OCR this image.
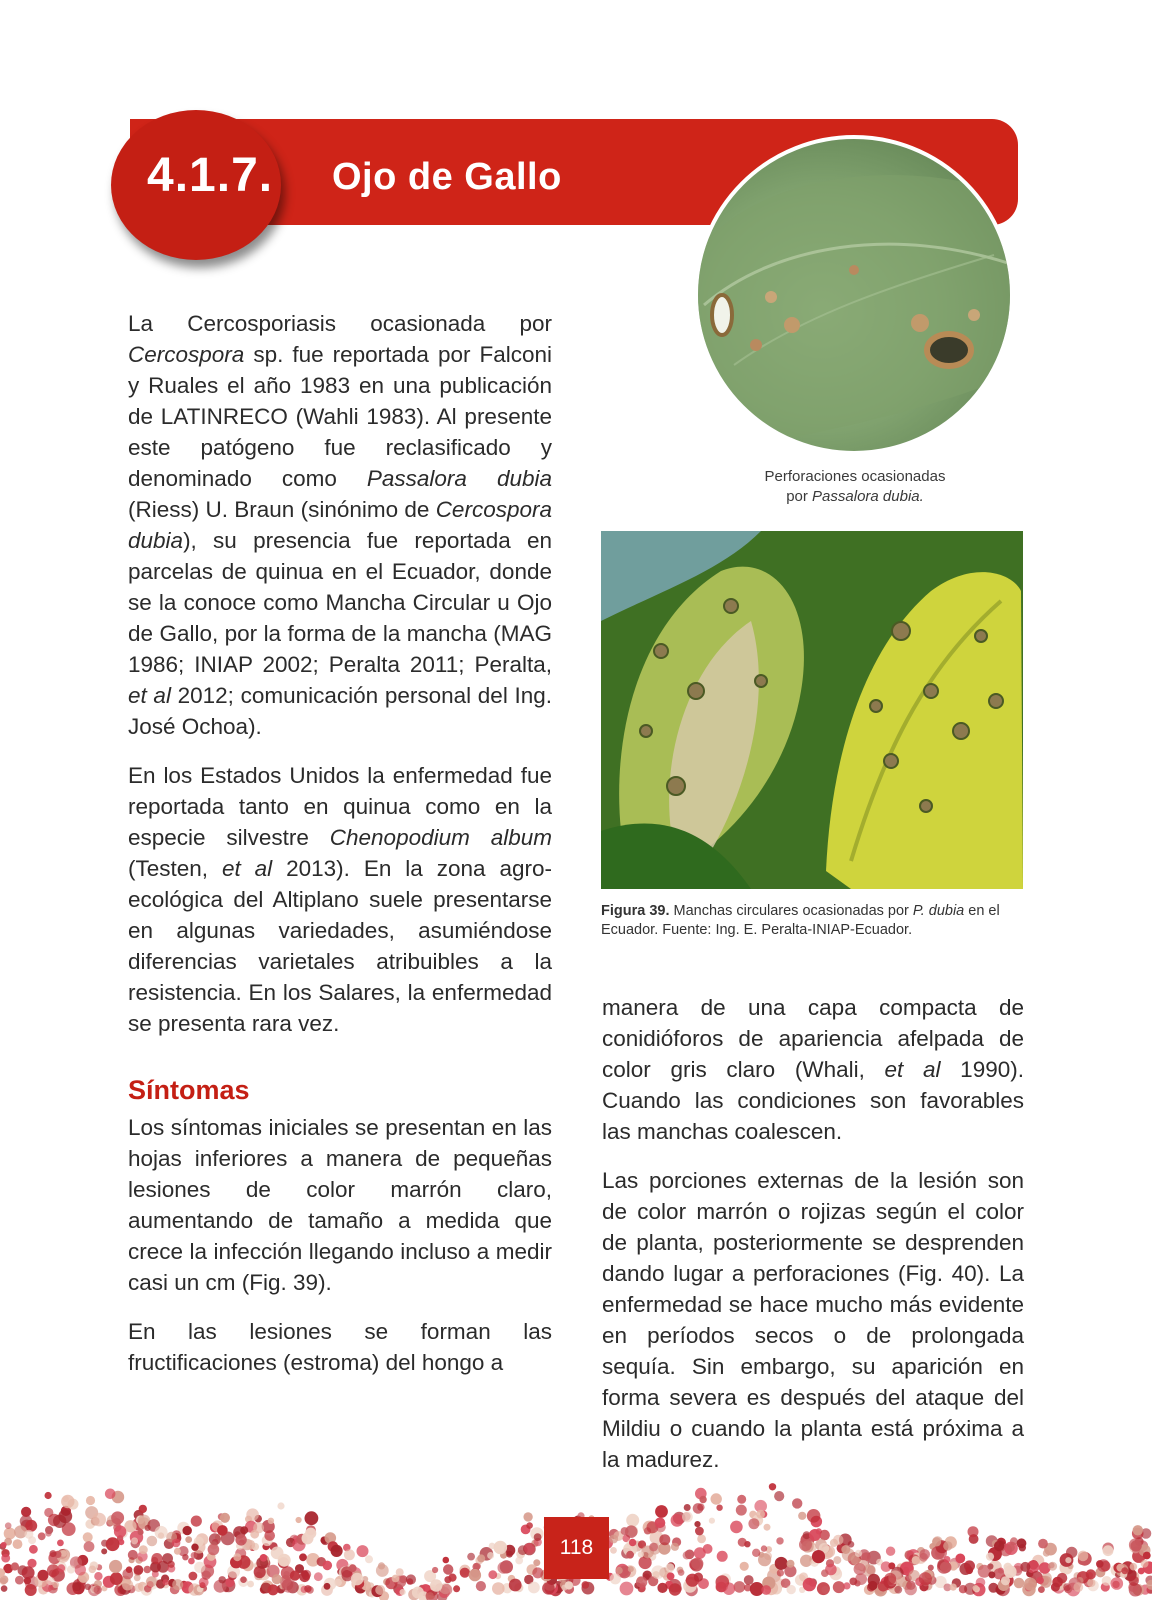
Ojo de Gallo
4.1.7.
Perforaciones ocasionadas
por Passalora dubia.
Figura 39. Manchas circulares ocasionadas por P. dubia en el Ecuador. Fuente: Ing. E. Peralta-INIAP-Ecuador.

La Cercosporiasis ocasionada por Cercospora sp. fue reportada por Falconi y Ruales el año 1983 en una publicación de LATINRECO (Wahli 1983). Al presente este patógeno fue reclasificado y denominado como Passalora dubia (Riess) U. Braun (sinónimo de Cercospora dubia), su presencia fue reportada en parcelas de quinua en el Ecuador, donde se la conoce como Mancha Circular u Ojo de Gallo, por la forma de la mancha (MAG 1986; INIAP 2002; Peralta 2011; Peralta, et al 2012; comunicación personal del Ing. José Ochoa).

En los Estados Unidos la enfermedad fue reportada tanto en quinua como en la especie silvestre Chenopodium album (Testen, et al 2013). En la zona agro-ecológica del Altiplano suele presentarse en algunas variedades, asumiéndose diferencias varietales atribuibles a la resistencia. En los Salares, la enfermedad se presenta rara vez.

Síntomas

Los síntomas iniciales se presentan en las hojas inferiores a manera de pequeñas lesiones de color marrón claro, aumentando de tamaño a medida que crece la infección llegando incluso a medir casi un cm (Fig. 39).

En las lesiones se forman las fructificaciones (estroma) del hongo a

manera de una capa compacta de conidióforos de apariencia afelpada de color gris claro (Whali, et al 1990). Cuando las condiciones son favorables las manchas coalescen.

Las porciones externas de la lesión son de color marrón o rojizas según el color de planta, posteriormente se desprenden dando lugar a perforaciones (Fig. 40). La enfermedad se hace mucho más evidente en períodos secos o de prolongada sequía. Sin embargo, su aparición en forma severa es después del ataque del Mildiu o cuando la planta está próxima a la madurez.

118
